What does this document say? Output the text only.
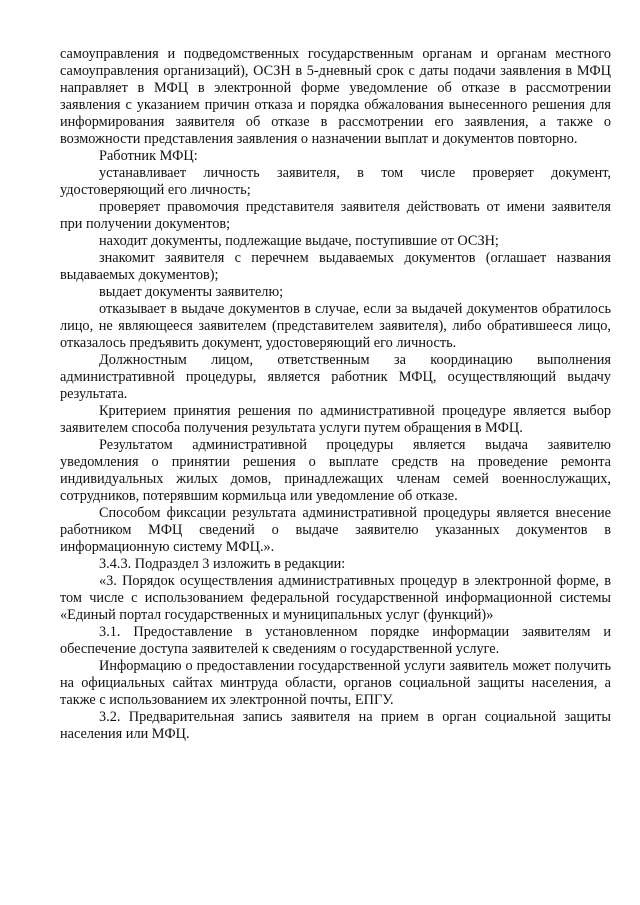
самоуправления и подведомственных государственным органам и органам местного самоуправления организаций), ОСЗН в 5-дневный срок с даты подачи заявления в МФЦ направляет в МФЦ в электронной форме уведомление об отказе в рассмотрении заявления с указанием причин отказа и порядка обжалования вынесенного решения для информирования заявителя об отказе в рассмотрении его заявления, а также о возможности представления заявления о назначении выплат и документов повторно.

Работник МФЦ:

устанавливает личность заявителя, в том числе проверяет документ, удостоверяющий его личность;

проверяет правомочия представителя заявителя действовать от имени заявителя при получении документов;

находит документы, подлежащие выдаче, поступившие от ОСЗН;

знакомит заявителя с перечнем выдаваемых документов (оглашает названия выдаваемых документов);

выдает документы заявителю;

отказывает в выдаче документов в случае, если за выдачей документов обратилось лицо, не являющееся заявителем (представителем заявителя), либо обратившееся лицо, отказалось предъявить документ, удостоверяющий его личность.

Должностным лицом, ответственным за координацию выполнения административной процедуры, является работник МФЦ, осуществляющий выдачу результата.

Критерием принятия решения по административной процедуре является выбор заявителем способа получения результата услуги путем обращения в МФЦ.

Результатом административной процедуры является выдача заявителю уведомления о принятии решения о выплате средств на проведение ремонта индивидуальных жилых домов, принадлежащих членам семей военнослужащих, сотрудников, потерявшим кормильца или уведомление об отказе.

Способом фиксации результата административной процедуры является внесение работником МФЦ сведений о выдаче заявителю указанных документов в информационную систему МФЦ.».

3.4.3. Подраздел 3 изложить в редакции:

«3. Порядок осуществления административных процедур в электронной форме, в том числе с использованием федеральной государственной информационной системы «Единый портал государственных и муниципальных услуг (функций)»

3.1. Предоставление в установленном порядке информации заявителям и обеспечение доступа заявителей к сведениям о государственной услуге.

Информацию о предоставлении государственной услуги заявитель может получить на официальных сайтах минтруда области, органов социальной защиты населения, а также с использованием их электронной почты, ЕПГУ.

3.2. Предварительная запись заявителя на прием в орган социальной защиты населения или МФЦ.
